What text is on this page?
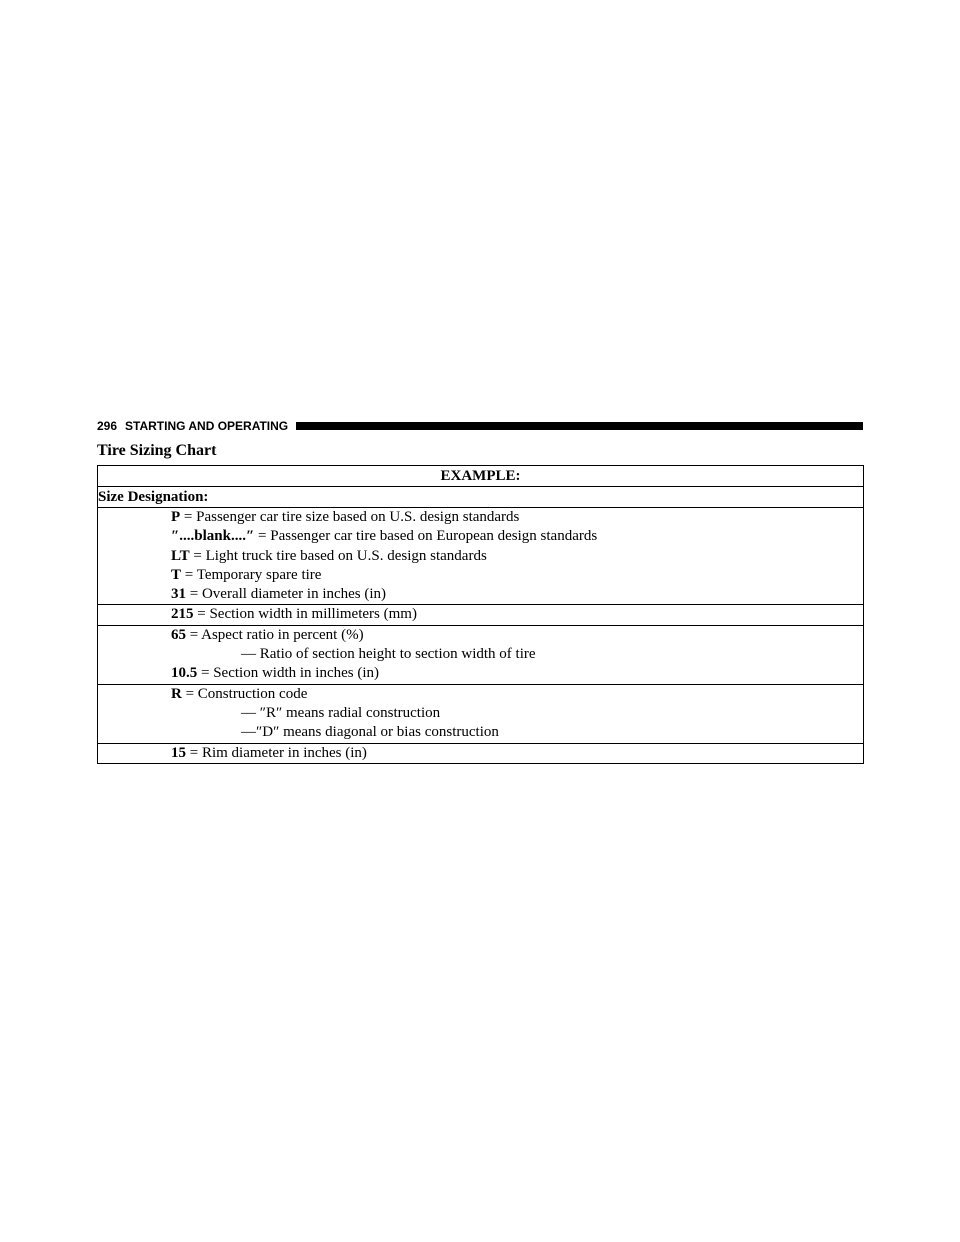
296 STARTING AND OPERATING
Tire Sizing Chart
EXAMPLE:
Size Designation:

P = Passenger car tire size based on U.S. design standards
″....blank....″ = Passenger car tire based on European design standards
LT = Light truck tire based on U.S. design standards
T = Temporary spare tire
31 = Overall diameter in inches (in)

215 = Section width in millimeters (mm)

65 = Aspect ratio in percent (%)
— Ratio of section height to section width of tire
10.5 = Section width in inches (in)

R = Construction code
— ″R″ means radial construction
—″D″ means diagonal or bias construction

15 = Rim diameter in inches (in)
